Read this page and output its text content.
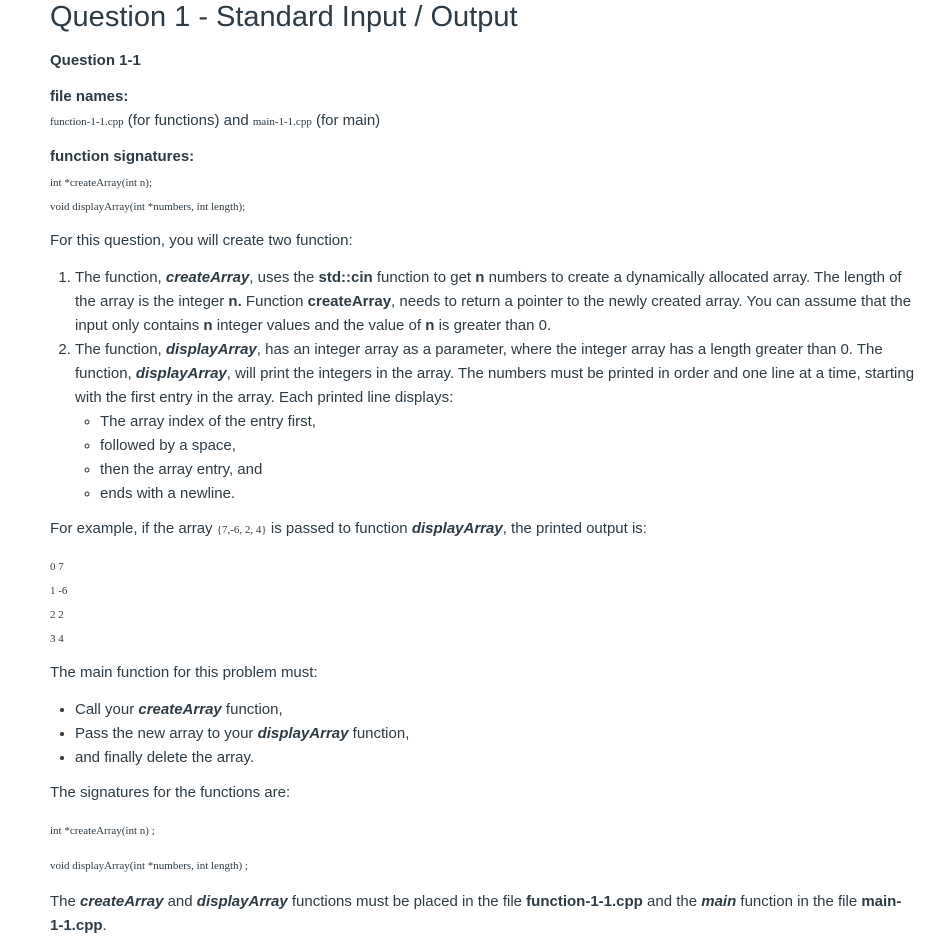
Question 1 - Standard Input / Output
Question 1-1
file names:
function-1-1.cpp (for functions) and main-1-1.cpp (for main)
function signatures:
int *createArray(int n);
void displayArray(int *numbers, int length);
For this question, you will create two function:
1. The function, createArray, uses the std::cin function to get n numbers to create a dynamically allocated array. The length of the array is the integer n. Function createArray, needs to return a pointer to the newly created array. You can assume that the input only contains n integer values and the value of n is greater than 0.
2. The function, displayArray, has an integer array as a parameter, where the integer array has a length greater than 0. The function, displayArray, will print the integers in the array. The numbers must be printed in order and one line at a time, starting with the first entry in the array. Each printed line displays:
◦ The array index of the entry first,
◦ followed by a space,
◦ then the array entry, and
◦ ends with a newline.
For example, if the array {7,-6, 2, 4} is passed to function displayArray, the printed output is:
0 7
1 -6
2 2
3 4
The main function for this problem must:
• Call your createArray function,
• Pass the new array to your displayArray function,
• and finally delete the array.
The signatures for the functions are:
int *createArray(int n) ;
void displayArray(int *numbers, int length) ;

The createArray and displayArray functions must be placed in the file function-1-1.cpp and the main function in the file main-1-1.cpp.
